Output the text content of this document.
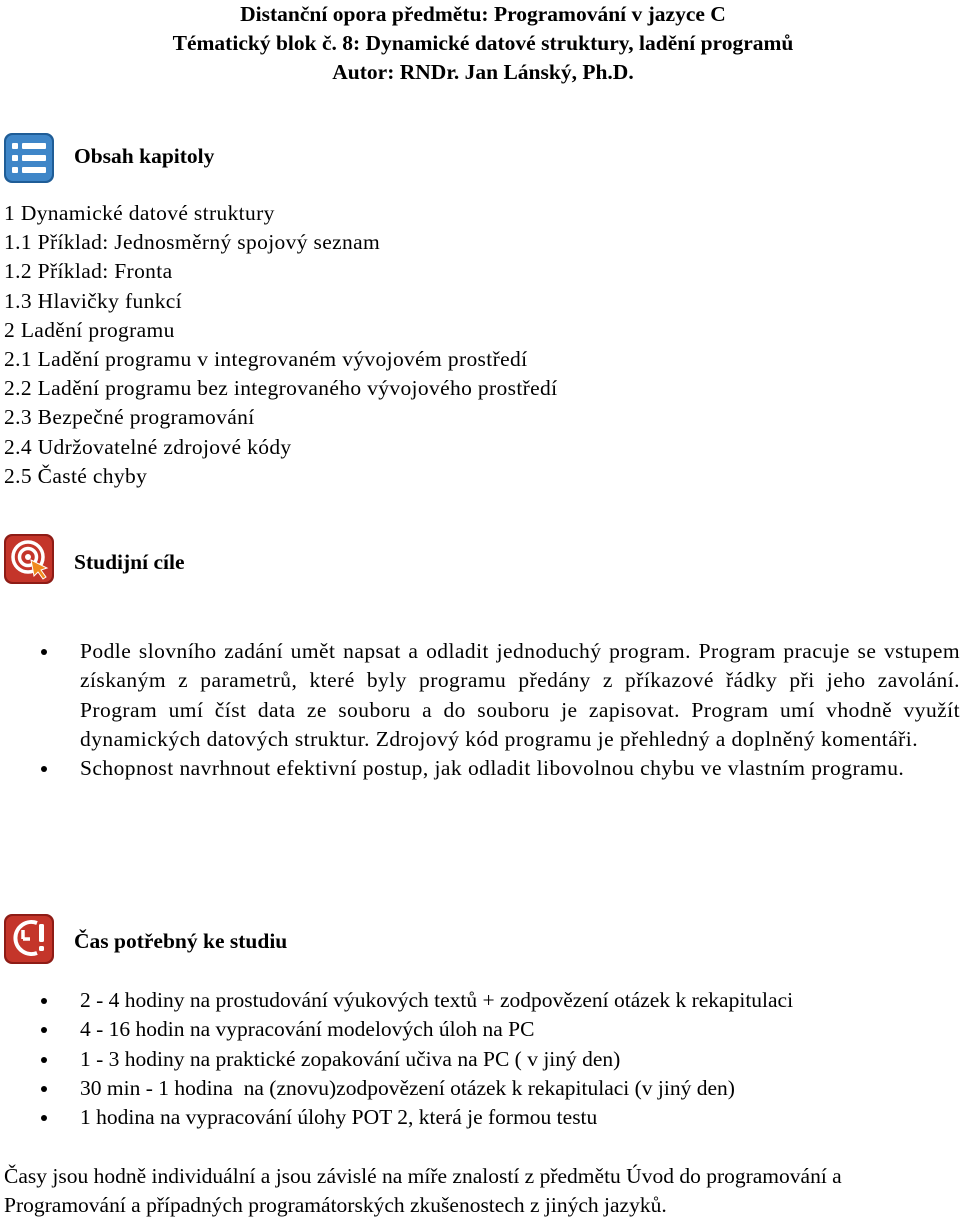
Distanční opora předmětu: Programování v jazyce C
Tématický blok č. 8: Dynamické datové struktury, ladění programů
Autor: RNDr. Jan Lánský, Ph.D.
Obsah kapitoly
1 Dynamické datové struktury
1.1 Příklad: Jednosměrný spojový seznam
1.2 Příklad: Fronta
1.3 Hlavičky funkcí
2 Ladění programu
2.1 Ladění programu v integrovaném vývojovém prostředí
2.2 Ladění programu bez integrovaného vývojového prostředí
2.3 Bezpečné programování
2.4 Udržovatelné zdrojové kódy
2.5 Časté chyby
Studijní cíle
Podle slovního zadání umět napsat a odladit jednoduchý program. Program pracuje se vstupem získaným z parametrů, které byly programu předány z příkazové řádky při jeho zavolání. Program umí číst data ze souboru a do souboru je zapisovat. Program umí vhodně využít dynamických datových struktur. Zdrojový kód programu je přehledný a doplněný komentáři.
Schopnost navrhnout efektivní postup, jak odladit libovolnou chybu ve vlastním programu.
Čas potřebný ke studiu
2 - 4 hodiny na prostudování výukových textů + zodpovězení otázek k rekapitulaci
4 - 16 hodin na vypracování modelových úloh na PC
1 - 3 hodiny na praktické zopakování učiva na PC ( v jiný den)
30 min - 1 hodina  na (znovu)zodpovězení otázek k rekapitulaci (v jiný den)
1 hodina na vypracování úlohy POT 2, která je formou testu
Časy jsou hodně individuální a jsou závislé na míře znalostí z předmětu Úvod do programování a Programování a případných programátorských zkušenostech z jiných jazyků.
